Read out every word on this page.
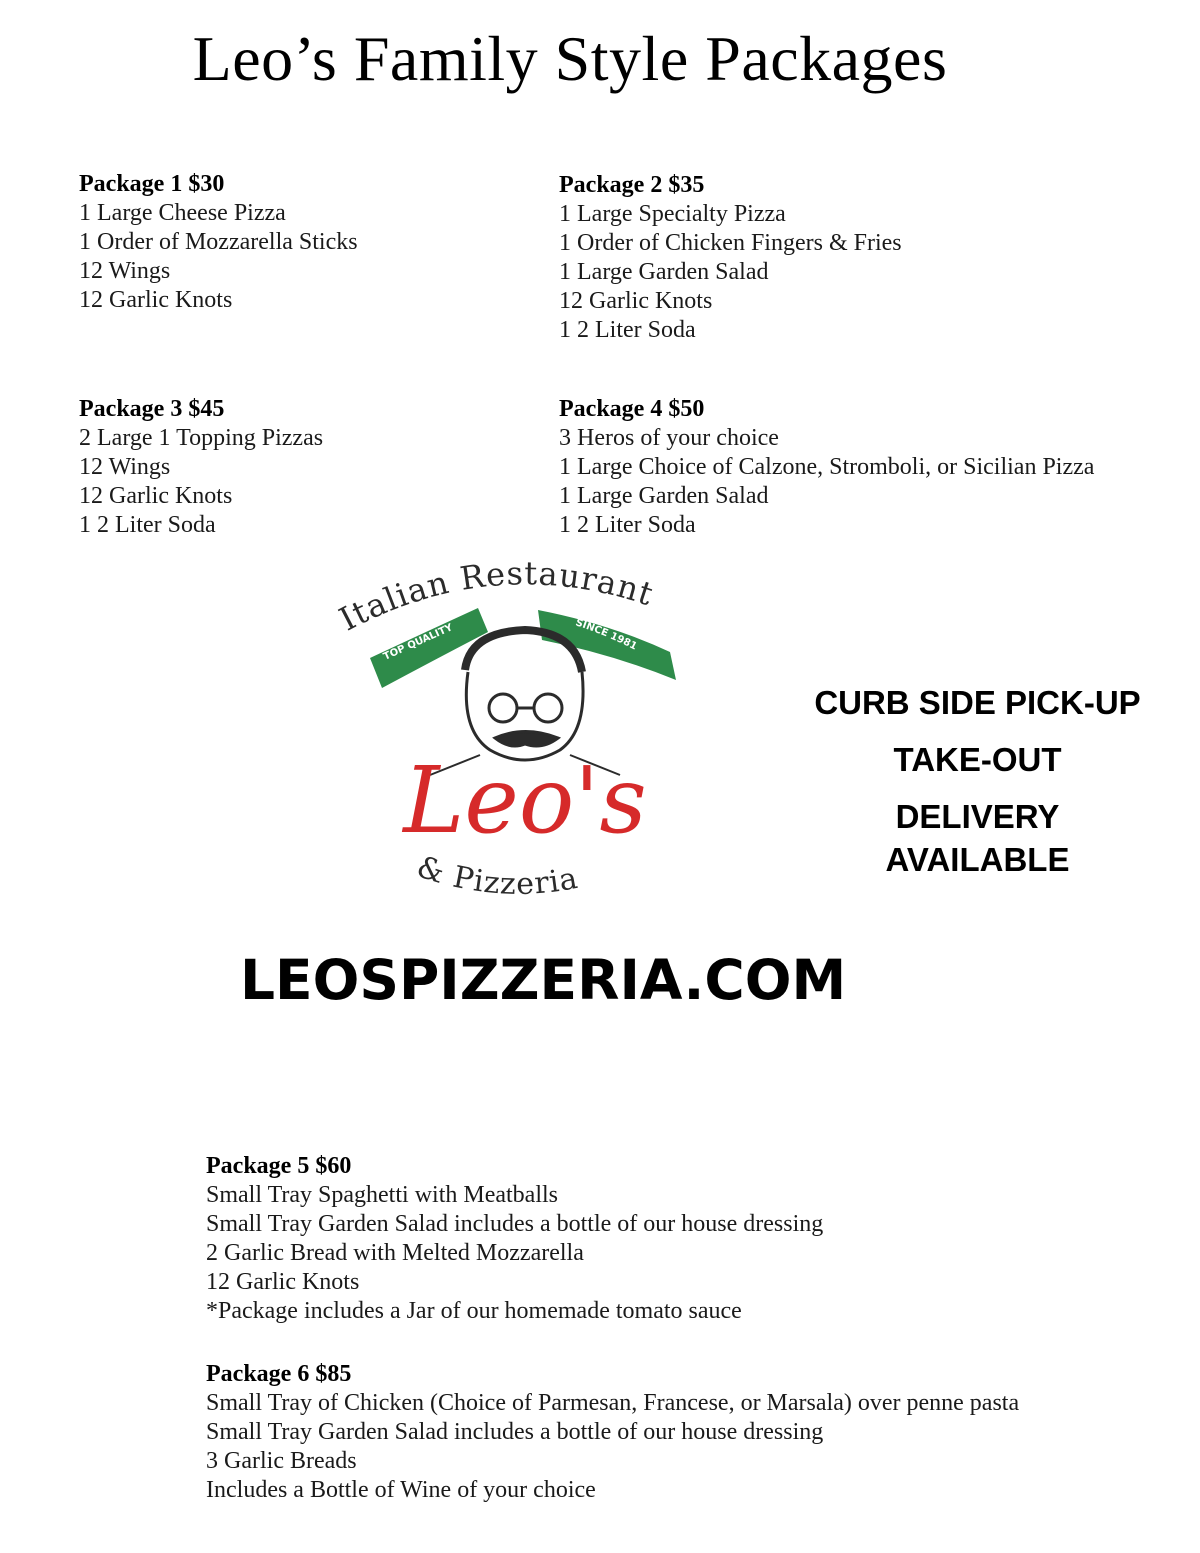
Leo’s Family Style Packages
Package 1 $30
1 Large Cheese Pizza
1 Order of Mozzarella Sticks
12 Wings
12 Garlic Knots
Package 2 $35
1 Large Specialty Pizza
1 Order of Chicken Fingers & Fries
1 Large Garden Salad
12 Garlic Knots
1 2 Liter Soda
Package 3 $45
2 Large 1 Topping Pizzas
12 Wings
12 Garlic Knots
1 2 Liter Soda
Package 4 $50
3 Heros of your choice
1 Large Choice of Calzone, Stromboli, or Sicilian Pizza
1 Large Garden Salad
1 2 Liter Soda
Italian Restaurant
TOP QUALITY	SINCE 1981
Leo's
& Pizzeria
CURB SIDE PICK-UP
TAKE-OUT
DELIVERY
AVAILABLE
LEOSPIZZERIA.COM
Package 5 $60
Small Tray Spaghetti with Meatballs
Small Tray Garden Salad includes a bottle of our house dressing
2 Garlic Bread with Melted Mozzarella
12 Garlic Knots
*Package includes a Jar of our homemade tomato sauce
Package 6 $85
Small Tray of Chicken (Choice of Parmesan, Francese, or Marsala) over penne pasta
Small Tray Garden Salad includes a bottle of our house dressing
3 Garlic Breads
Includes a Bottle of Wine of your choice
